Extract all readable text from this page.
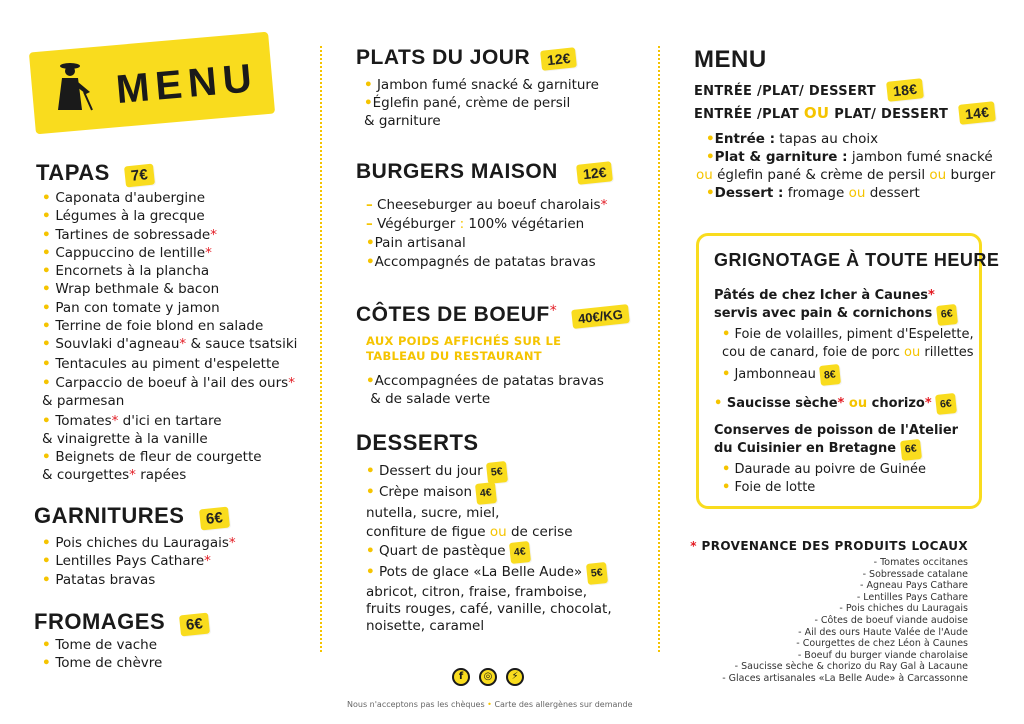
MENU
TAPAS 7€
• Caponata d'aubergine
• Légumes à la grecque
• Tartines de sobressade*
• Cappuccino de lentille*
• Encornets à la plancha
• Wrap bethmale & bacon
• Pan con tomate y jamon
• Terrine de foie blond en salade
• Souvlaki d'agneau* & sauce tsatsiki
• Tentacules au piment d'espelette
• Carpaccio de boeuf à l'ail des ours*
& parmesan
• Tomates* d'ici en tartare
& vinaigrette à la vanille
• Beignets de fleur de courgette
& courgettes* rapées
GARNITURES 6€
• Pois chiches du Lauragais*
• Lentilles Pays Cathare*
• Patatas bravas
FROMAGES 6€
• Tome de vache
• Tome de chèvre
PLATS DU JOUR 12€
• Jambon fumé snacké & garniture
•Églefin pané, crème de persil
& garniture
BURGERS MAISON 12€
– Cheeseburger au boeuf charolais*
– Végéburger : 100% végétarien
•Pain artisanal
•Accompagnés de patatas bravas
CÔTES DE BOEUF* 40€/KG
AUX POIDS AFFICHÉS SUR LE
TABLEAU DU RESTAURANT
•Accompagnées de patatas bravas
& de salade verte
DESSERTS
• Dessert du jour 5€
• Crèpe maison 4€
nutella, sucre, miel,
confiture de figue ou de cerise
• Quart de pastèque 4€
• Pots de glace «La Belle Aude» 5€
abricot, citron, fraise, framboise,
fruits rouges, café, vanille, chocolat,
noisette, caramel
MENU
ENTRÉE /PLAT/ DESSERT 18€
ENTRÉE /PLAT OU PLAT/ DESSERT 14€
•Entrée : tapas au choix
•Plat & garniture : jambon fumé snacké
ou églefin pané & crème de persil ou burger
•Dessert : fromage ou dessert
GRIGNOTAGE À TOUTE HEURE
Pâtés de chez Icher à Caunes*
servis avec pain & cornichons 6€
• Foie de volailles, piment d'Espelette,
cou de canard, foie de porc ou rillettes
• Jambonneau 8€
• Saucisse sèche* ou chorizo* 6€
Conserves de poisson de l'Atelier
du Cuisinier en Bretagne 6€
• Daurade au poivre de Guinée
• Foie de lotte
* PROVENANCE DES PRODUITS LOCAUX
- Tomates occitanes
- Sobressade catalane
- Agneau Pays Cathare
- Lentilles Pays Cathare
- Pois chiches du Lauragais
- Côtes de boeuf viande audoise
- Ail des ours Haute Valée de l'Aude
- Courgettes de chez Léon à Caunes
- Boeuf du burger viande charolaise
- Saucisse sèche & chorizo du Ray Gal à Lacaune
- Glaces artisanales «La Belle Aude» à Carcassonne
f	◎	⚡
Nous n'acceptons pas les chèques • Carte des allergènes sur demande
